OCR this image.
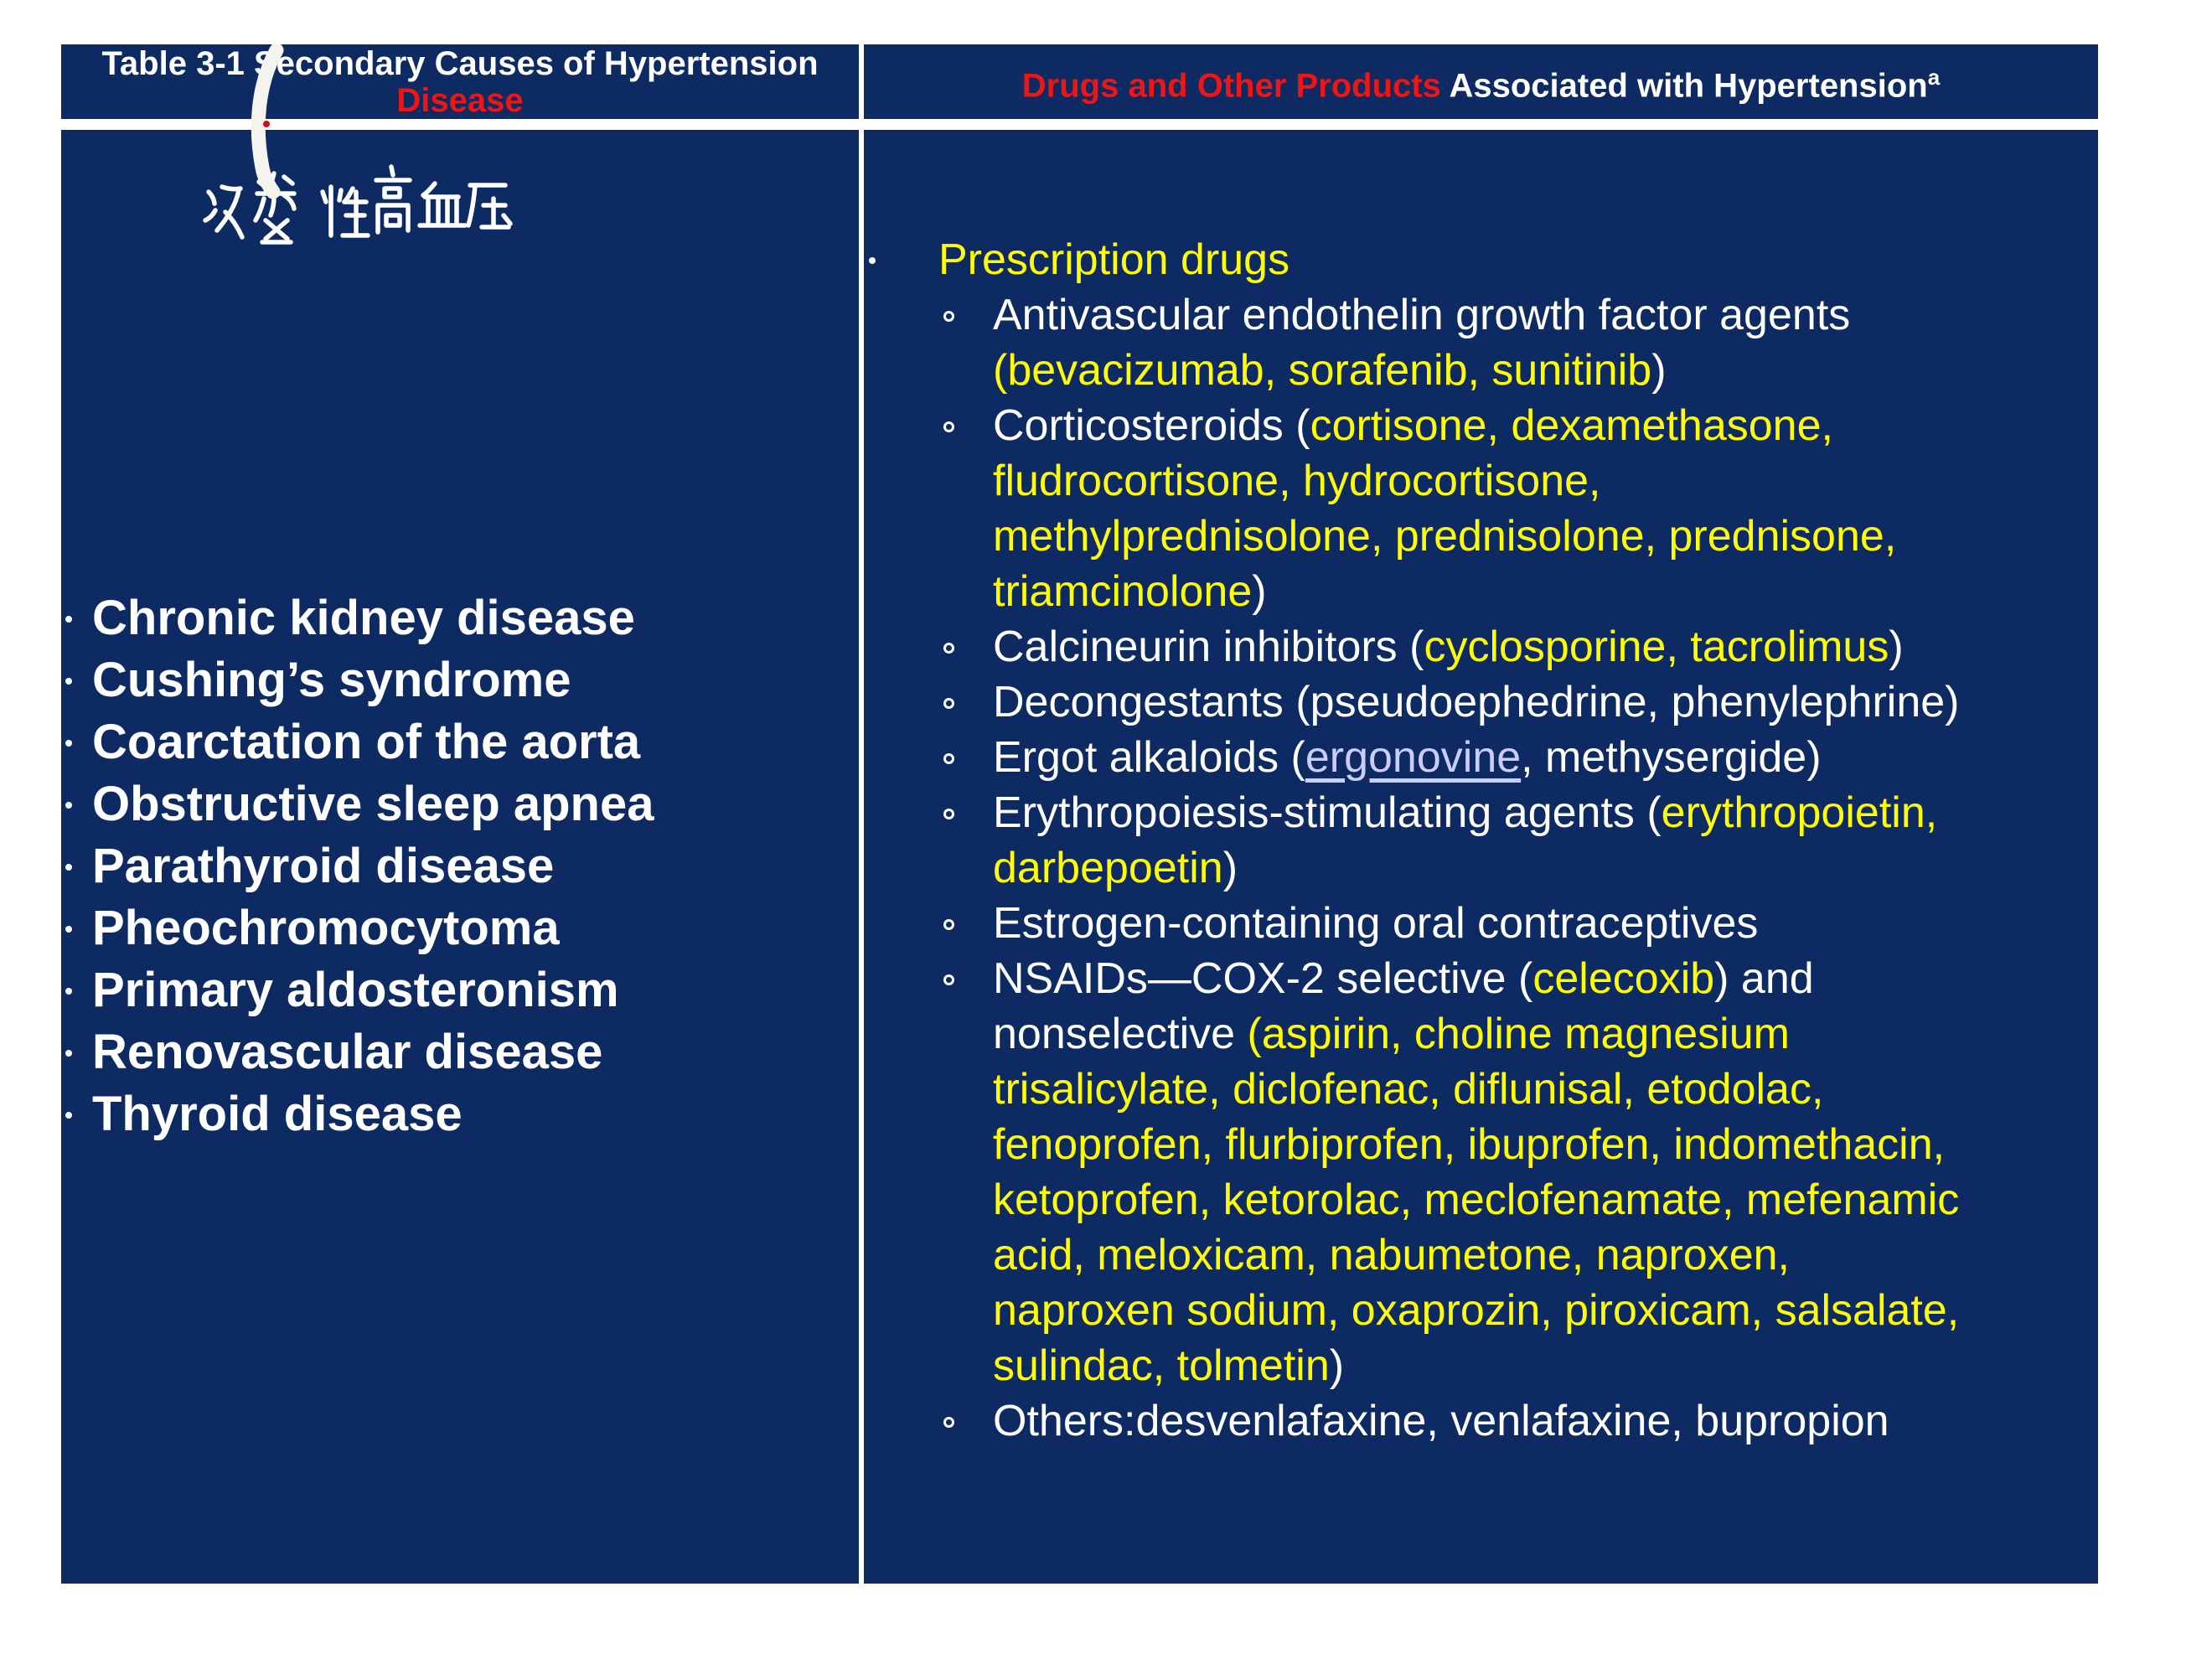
Table 3-1 Secondary Causes of Hypertension
Disease	Drugs and Other Products Associated with Hypertension$^a$
Chronic kidney disease
Cushing’s syndrome
Coarctation of the aorta
Obstructive sleep apnea
Parathyroid disease
Pheochromocytoma
Primary aldosteronism
Renovascular disease
Thyroid disease
Prescription drugs
Antivascular endothelin growth factor agents
(bevacizumab, sorafenib, sunitinib)
Corticosteroids (cortisone, dexamethasone,
fludrocortisone, hydrocortisone,
methylprednisolone, prednisolone, prednisone,
triamcinolone)
Calcineurin inhibitors (cyclosporine, tacrolimus)
Decongestants (pseudoephedrine, phenylephrine)
Ergot alkaloids (ergonovine, methysergide)
Erythropoiesis-stimulating agents (erythropoietin,
darbepoetin)
Estrogen-containing oral contraceptives
NSAIDs—COX-2 selective (celecoxib) and
nonselective (aspirin, choline magnesium
trisalicylate, diclofenac, diflunisal, etodolac,
fenoprofen, flurbiprofen, ibuprofen, indomethacin,
ketoprofen, ketorolac, meclofenamate, mefenamic
acid, meloxicam, nabumetone, naproxen,
naproxen sodium, oxaprozin, piroxicam, salsalate,
sulindac, tolmetin)
Others:desvenlafaxine, venlafaxine, bupropion
